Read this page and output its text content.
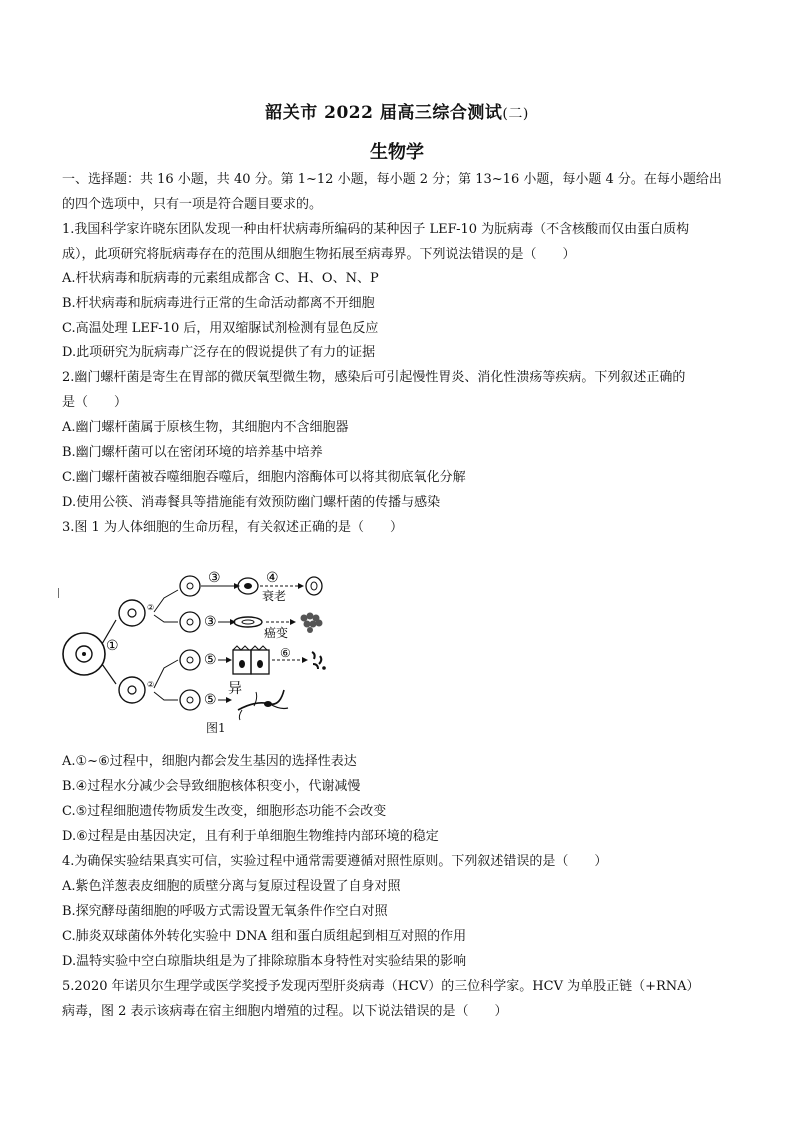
韶关市 2022 届高三综合测试(二)
生物学
一、选择题：共 16 小题，共 40 分。第 1~12 小题，每小题 2 分；第 13~16 小题，每小题 4 分。在每小题给出
的四个选项中，只有一项是符合题目要求的。
1.我国科学家许晓东团队发现一种由杆状病毒所编码的某种因子 LEF-10 为朊病毒（不含核酸而仅由蛋白质构
成），此项研究将朊病毒存在的范围从细胞生物拓展至病毒界。下列说法错误的是（　　）
A.杆状病毒和朊病毒的元素组成都含 C、H、O、N、P
B.杆状病毒和朊病毒进行正常的生命活动都离不开细胞
C.高温处理 LEF-10 后，用双缩脲试剂检测有显色反应
D.此项研究为朊病毒广泛存在的假说提供了有力的证据
2.幽门螺杆菌是寄生在胃部的微厌氧型微生物，感染后可引起慢性胃炎、消化性溃疡等疾病。下列叙述正确的
是（　　）
A.幽门螺杆菌属于原核生物，其细胞内不含细胞器
B.幽门螺杆菌可以在密闭环境的培养基中培养
C.幽门螺杆菌被吞噬细胞吞噬后，细胞内溶酶体可以将其彻底氧化分解
D.使用公筷、消毒餐具等措施能有效预防幽门螺杆菌的传播与感染
3.图 1 为人体细胞的生命历程，有关叙述正确的是（　　）
A.①~⑥过程中，细胞内都会发生基因的选择性表达
B.④过程水分减少会导致细胞核体积变小，代谢减慢
C.⑤过程细胞遗传物质发生改变，细胞形态功能不会改变
D.⑥过程是由基因决定，且有利于单细胞生物维持内部环境的稳定
4.为确保实验结果真实可信，实验过程中通常需要遵循对照性原则。下列叙述错误的是（　　）
A.紫色洋葱表皮细胞的质壁分离与复原过程设置了自身对照
B.探究酵母菌细胞的呼吸方式需设置无氧条件作空白对照
C.肺炎双球菌体外转化实验中 DNA 组和蛋白质组起到相互对照的作用
D.温特实验中空白琼脂块组是为了排除琼脂本身特性对实验结果的影响
5.2020 年诺贝尔生理学或医学奖授予发现丙型肝炎病毒（HCV）的三位科学家。HCV 为单股正链（+RNA）
病毒，图 2 表示该病毒在宿主细胞内增殖的过程。以下说法错误的是（　　）
①
②
②
③	④
衰老
③
癌变
⑤	⑥
⑤
异
图1
